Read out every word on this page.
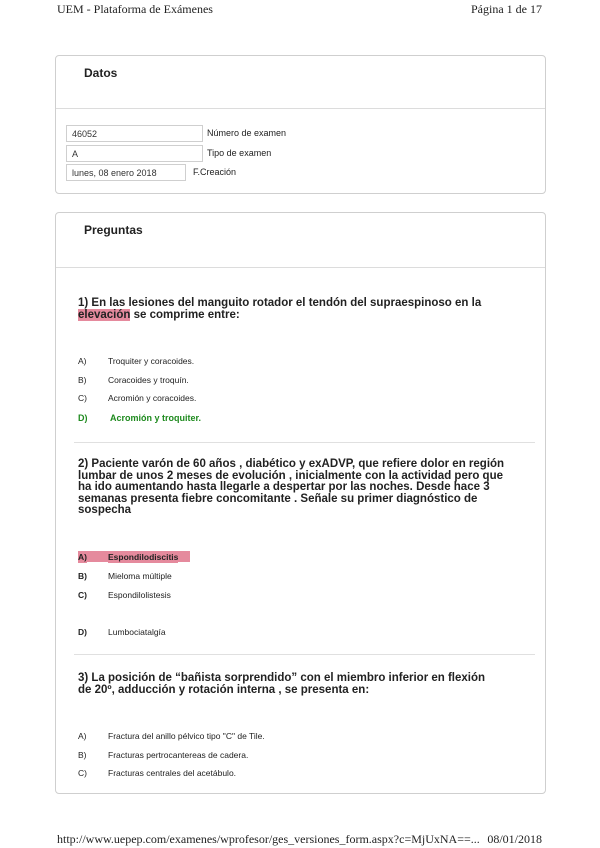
UEM - Plataforma de Exámenes	Página 1 de 17
Datos
46052	Número de examen
A	Tipo de examen
lunes, 08 enero 2018	F.Creación
Preguntas
1) En las lesiones del manguito rotador el tendón del supraespinoso en la
elevación se comprime entre:
A)	Troquiter y coracoides.
B)	Coracoides y troquín.
C) Acromión y coracoides.
D)	Acromión y troquiter.
2) Paciente varón de 60 años , diabético y exADVP, que refiere dolor en región lumbar de unos 2 meses de evolución , inicialmente con la actividad pero que ha ido aumentando hasta llegarle a despertar por las noches. Desde hace 3 semanas presenta fiebre concomitante . Señale su primer diagnóstico de sospecha
A) Espondilodiscitis
B) Mieloma múltiple
C) Espondilolistesis
D) Lumbociatalgía
3) La posición de “bañista sorprendido” con el miembro inferior en flexión de 20º, adducción y rotación interna , se presenta en:
A)	Fractura del anillo pélvico tipo "C" de Tile.
B)	Fracturas pertrocantereas de cadera.
C) Fracturas centrales del acetábulo.
http://www.uepep.com/examenes/wprofesor/ges_versiones_form.aspx?c=MjUxNA==... 08/01/2018
